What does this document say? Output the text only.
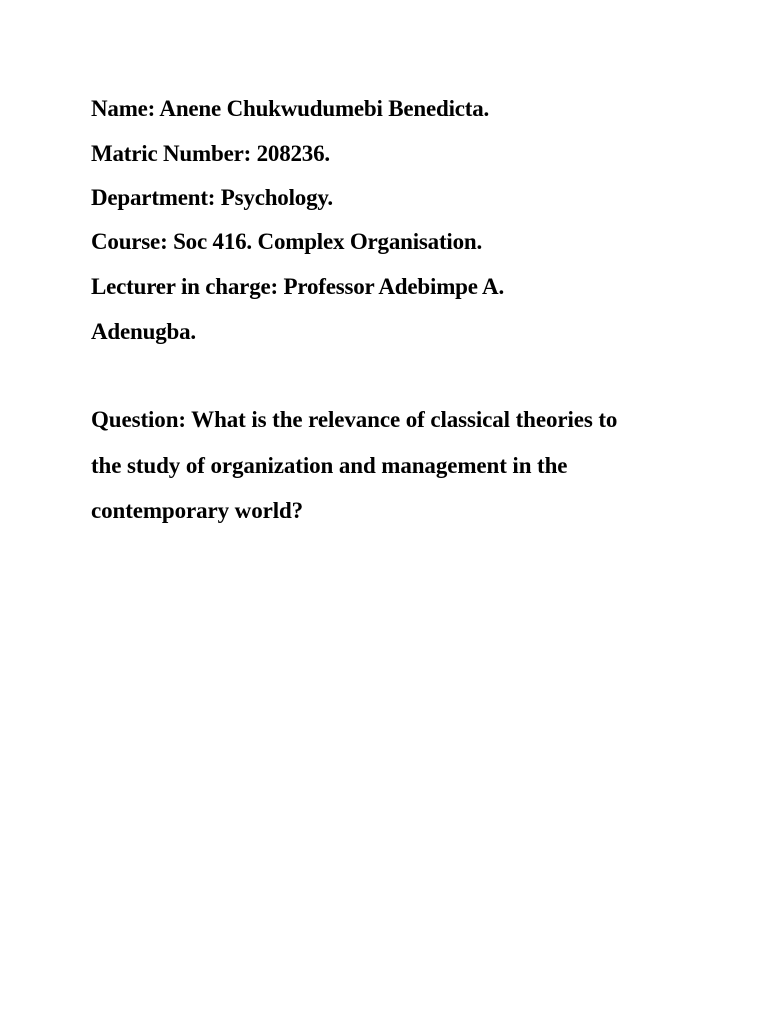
Name: Anene Chukwudumebi Benedicta.
Matric Number: 208236.
Department: Psychology.
Course: Soc 416. Complex Organisation.
Lecturer in charge: Professor Adebimpe A.
Adenugba.
Question: What is the relevance of classical theories to
the study of organization and management in the
contemporary world?
